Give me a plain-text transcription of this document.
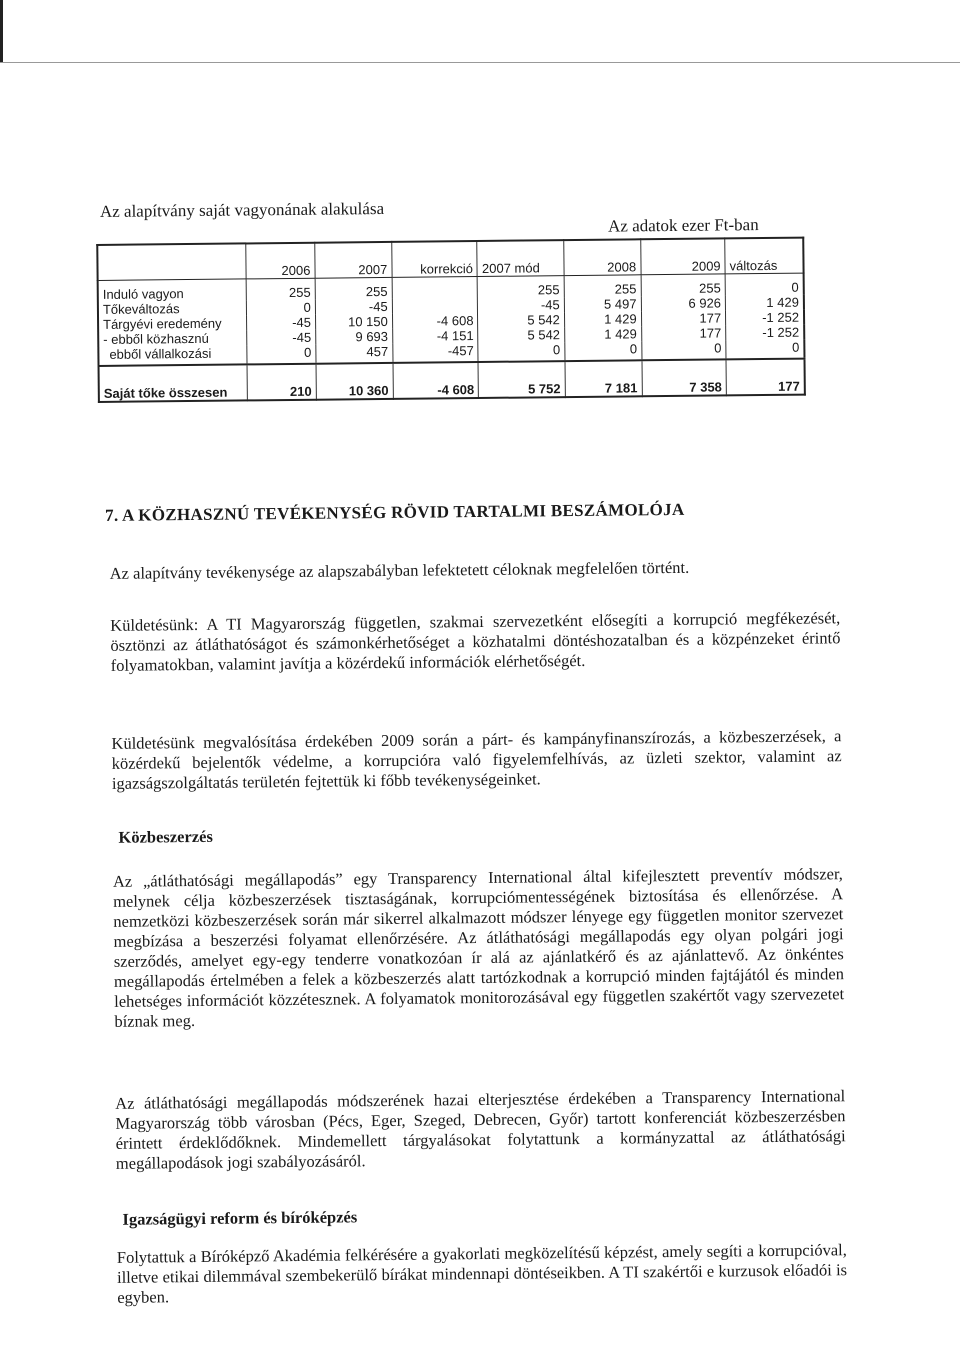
Az alapítvány saját vagyonának alakulása
Az adatok ezer Ft-ban
	2006	2007	korrekció	2007 mód	2008	2009	változás
Induló vagyon	255	255		255	255	255	0
Tőkeváltozás	0	-45		-45	5 497	6 926	1 429
Tárgyévi eredemény	-45	10 150	-4 608	5 542	1 429	177	-1 252
- ebből közhasznú	-45	9 693	-4 151	5 542	1 429	177	-1 252
ebből vállalkozási	0	457	-457	0	0	0	0
Saját tőke összesen	210	10 360	-4 608	5 752	7 181	7 358	177
7. A KÖZHASZNÚ TEVÉKENYSÉG RÖVID TARTALMI BESZÁMOLÓJA

Az alapítvány tevékenysége az alapszabályban lefektetett céloknak megfelelően történt.

Küldetésünk: A TI Magyarország független, szakmai szervezetként elősegíti a korrupció megfékezését, ösztönzi az átláthatóságot és számonkérhetőséget a közhatalmi döntéshozatalban és a közpénzeket érintő folyamatokban, valamint javítja a közérdekű információk elérhetőségét.

Küldetésünk megvalósítása érdekében 2009 során a párt- és kampányfinanszírozás, a közbeszerzések, a közérdekű bejelentők védelme, a korrupcióra való figyelemfelhívás, az üzleti szektor, valamint az igazságszolgáltatás területén fejtettük ki főbb tevékenységeinket.

Közbeszerzés

Az „átláthatósági megállapodás” egy Transparency International által kifejlesztett preventív módszer, melynek célja közbeszerzések tisztaságának, korrupciómentességének biztosítása és ellenőrzése. A nemzetközi közbeszerzések során már sikerrel alkalmazott módszer lényege egy független monitor szervezet megbízása a beszerzési folyamat ellenőrzésére. Az átláthatósági megállapodás egy olyan polgári jogi szerződés, amelyet egy-egy tenderre vonatkozóan ír alá az ajánlatkérő és az ajánlattevő. Az önkéntes megállapodás értelmében a felek a közbeszerzés alatt tartózkodnak a korrupció minden fajtájától és minden lehetséges információt közzétesznek. A folyamatok monitorozásával egy független szakértőt vagy szervezetet bíznak meg.

Az átláthatósági megállapodás módszerének hazai elterjesztése érdekében a Transparency International Magyarország több városban (Pécs, Eger, Szeged, Debrecen, Győr) tartott konferenciát közbeszerzésben érintett érdeklődőknek. Mindemellett tárgyalásokat folytattunk a kormányzattal az átláthatósági megállapodások jogi szabályozásáról.

Igazságügyi reform és bíróképzés

Folytattuk a Bíróképző Akadémia felkérésére a gyakorlati megközelítésű képzést, amely segíti a korrupcióval, illetve etikai dilemmával szembekerülő bírákat mindennapi döntéseikben. A TI szakértői e kurzusok előadói is egyben.
